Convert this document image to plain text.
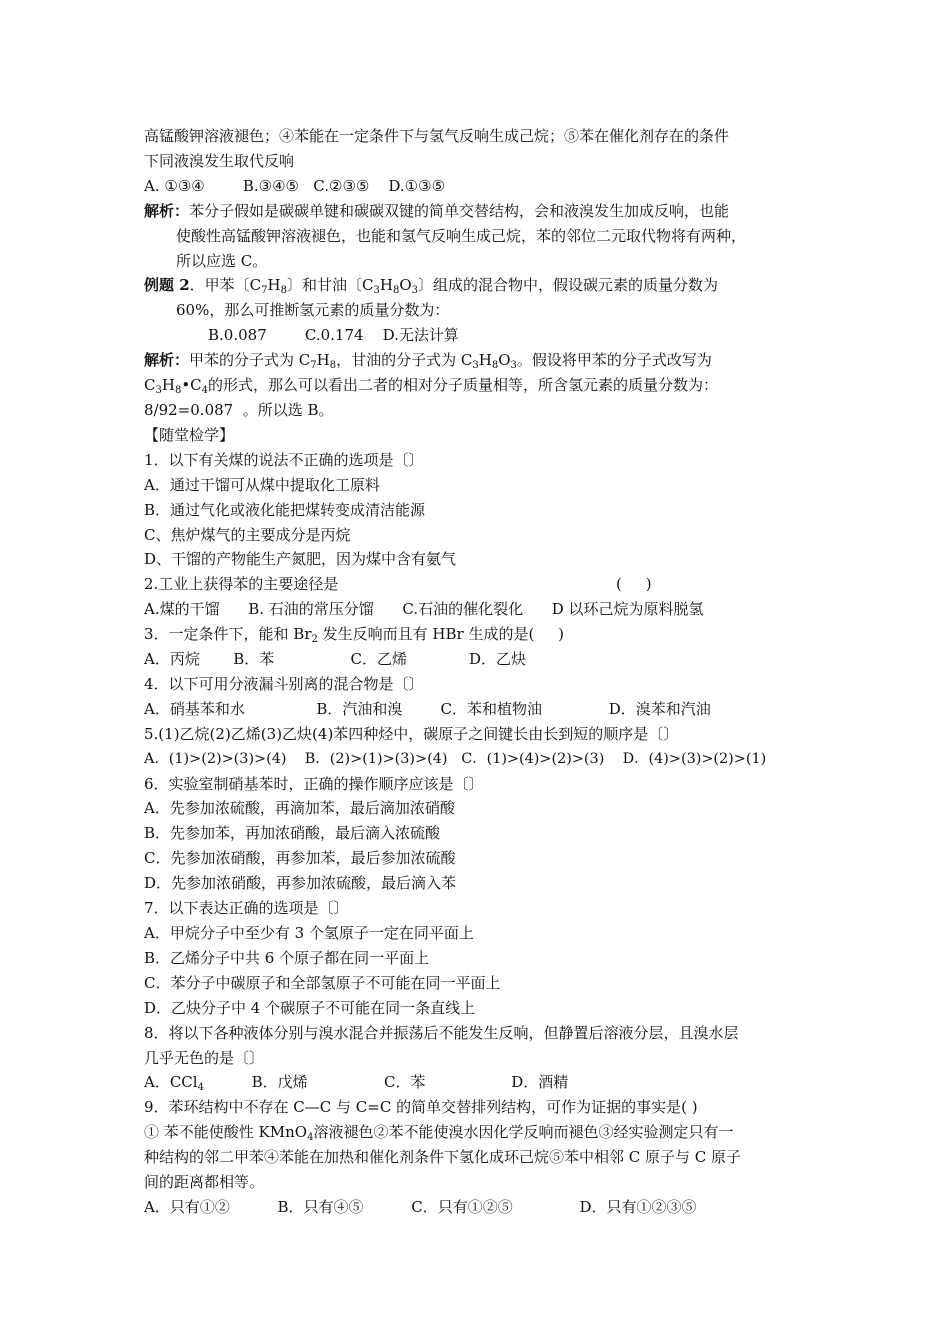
高锰酸钾溶液褪色；④苯能在一定条件下与氢气反响生成己烷；⑤苯在催化剂存在的条件
下同液溴发生取代反响
A. ①③④        B.③④⑤   C.②③⑤    D.①③⑤
解析：苯分子假如是碳碳单键和碳碳双键的简单交替结构，会和液溴发生加成反响，也能
使酸性高锰酸钾溶液褪色，也能和氢气反响生成己烷，苯的邻位二元取代物将有两种，
所以应选 C。
例题 2．甲苯〔$C_7H_8$〕和甘油〔$C_3H_8O_3$〕组成的混合物中，假设碳元素的质量分数为
60%，那么可推断氢元素的质量分数为：
B.0.087        C.0.174    D.无法计算
解析：甲苯的分子式为 $C_7H_8$，甘油的分子式为 $C_3H_8O_3$。假设将甲苯的分子式改写为
$C_3H_8•C_4$的形式，那么可以看出二者的相对分子质量相等，所含氢元素的质量分数为：
8/92=0.087  。所以选 B。
【随堂检学】
1．以下有关煤的说法不正确的选项是〔〕
A．通过干馏可从煤中提取化工原料
B．通过气化或液化能把煤转变成清洁能源
C、焦炉煤气的主要成分是丙烷
D、干馏的产物能生产氮肥，因为煤中含有氨气
2.工业上获得苯的主要途径是	(     )
A.煤的干馏      B. 石油的常压分馏      C.石油的催化裂化      D 以环己烷为原料脱氢
3．一定条件下，能和 $Br_2$ 发生反响而且有 HBr 生成的是(     )
A．丙烷       B．苯                C．乙烯             D．乙炔
4．以下可用分液漏斗别离的混合物是〔〕
A．硝基苯和水               B．汽油和溴        C．苯和植物油              D．溴苯和汽油
5.(1)乙烷(2)乙烯(3)乙炔(4)苯四种烃中，碳原子之间键长由长到短的顺序是〔〕
A．(1)>(2)>(3)>(4)    B．(2)>(1)>(3)>(4)   C．(1)>(4)>(2)>(3)    D．(4)>(3)>(2)>(1)
6．实验室制硝基苯时，正确的操作顺序应该是〔〕
A．先参加浓硫酸，再滴加苯，最后滴加浓硝酸
B．先参加苯，再加浓硝酸，最后滴入浓硫酸
C．先参加浓硝酸，再参加苯，最后参加浓硫酸
D．先参加浓硝酸，再参加浓硫酸，最后滴入苯
7．以下表达正确的选项是〔〕
A．甲烷分子中至少有 3 个氢原子一定在同平面上
B．乙烯分子中共 6 个原子都在同一平面上
C．苯分子中碳原子和全部氢原子不可能在同一平面上
D．乙炔分子中 4 个碳原子不可能在同一条直线上
8．将以下各种液体分别与溴水混合并振荡后不能发生反响，但静置后溶液分层，且溴水层
几乎无色的是〔〕
A．CCl$_4$          B．戊烯                C．苯                  D．酒精
9．苯环结构中不存在 C—C 与 C=C 的简单交替排列结构，可作为证据的事实是( )
① 苯不能使酸性 KMnO$_4$溶液褪色②苯不能使溴水因化学反响而褪色③经实验测定只有一
种结构的邻二甲苯④苯能在加热和催化剂条件下氢化成环己烷⑤苯中相邻 C 原子与 C 原子
间的距离都相等。
A．只有①②          B．只有④⑤          C．只有①②⑤              D．只有①②③⑤
